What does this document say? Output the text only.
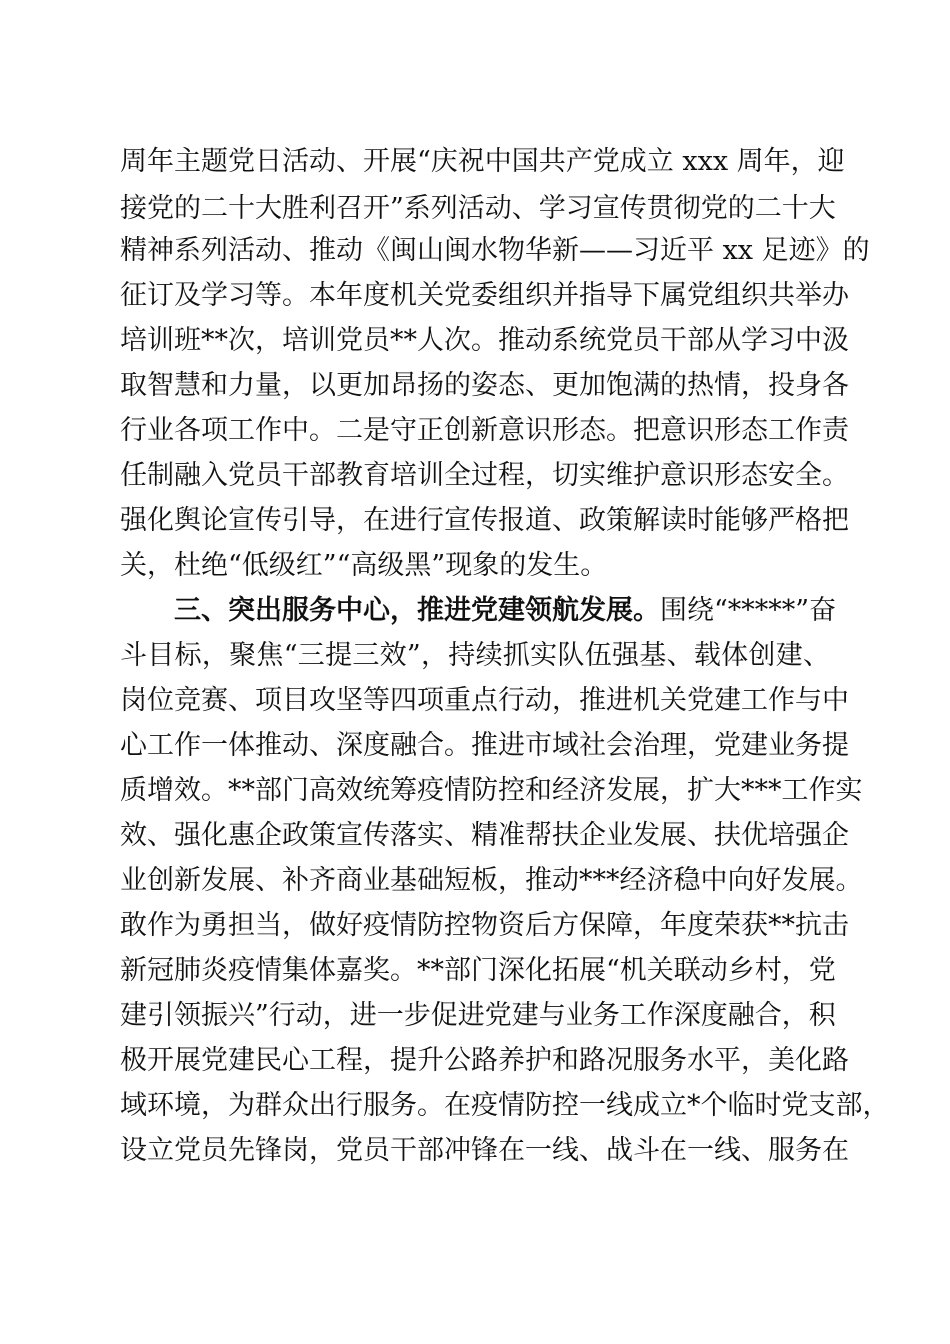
周年主题党日活动、开展“庆祝中国共产党成立 xxx 周年，迎
接党的二十大胜利召开”系列活动、学习宣传贯彻党的二十大
精神系列活动、推动《闽山闽水物华新——习近平 xx 足迹》的
征订及学习等。本年度机关党委组织并指导下属党组织共举办
培训班**次，培训党员**人次。推动系统党员干部从学习中汲
取智慧和力量，以更加昂扬的姿态、更加饱满的热情，投身各
行业各项工作中。二是守正创新意识形态。把意识形态工作责
任制融入党员干部教育培训全过程，切实维护意识形态安全。
强化舆论宣传引导，在进行宣传报道、政策解读时能够严格把
关，杜绝“低级红”“高级黑”现象的发生。
三、突出服务中心，推进党建领航发展。围绕“*****”奋
斗目标，聚焦“三提三效”，持续抓实队伍强基、载体创建、
岗位竞赛、项目攻坚等四项重点行动，推进机关党建工作与中
心工作一体推动、深度融合。推进市域社会治理，党建业务提
质增效。**部门高效统筹疫情防控和经济发展，扩大***工作实
效、强化惠企政策宣传落实、精准帮扶企业发展、扶优培强企
业创新发展、补齐商业基础短板，推动***经济稳中向好发展。
敢作为勇担当，做好疫情防控物资后方保障，年度荣获**抗击
新冠肺炎疫情集体嘉奖。**部门深化拓展“机关联动乡村，党
建引领振兴”行动，进一步促进党建与业务工作深度融合，积
极开展党建民心工程，提升公路养护和路况服务水平，美化路
域环境，为群众出行服务。在疫情防控一线成立*个临时党支部，
设立党员先锋岗，党员干部冲锋在一线、战斗在一线、服务在
